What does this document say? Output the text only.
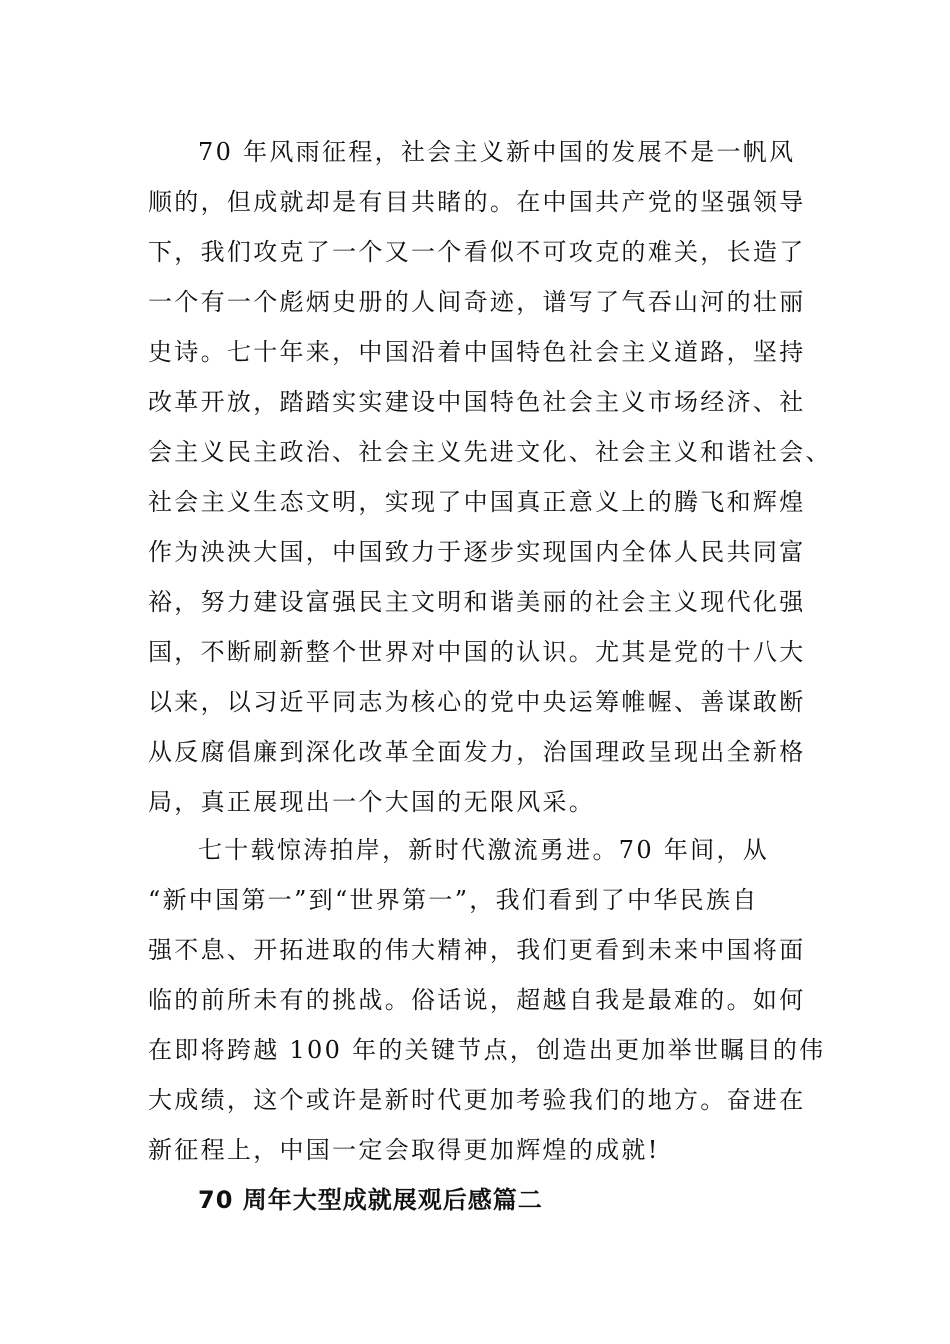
70 年风雨征程，社会主义新中国的发展不是一帆风
顺的，但成就却是有目共睹的。在中国共产党的坚强领导
下，我们攻克了一个又一个看似不可攻克的难关，长造了
一个有一个彪炳史册的人间奇迹，谱写了气吞山河的壮丽
史诗。七十年来，中国沿着中国特色社会主义道路，坚持
改革开放，踏踏实实建设中国特色社会主义市场经济、社
会主义民主政治、社会主义先进文化、社会主义和谐社会、
社会主义生态文明，实现了中国真正意义上的腾飞和辉煌
作为泱泱大国，中国致力于逐步实现国内全体人民共同富
裕，努力建设富强民主文明和谐美丽的社会主义现代化强
国，不断刷新整个世界对中国的认识。尤其是党的十八大
以来，以习近平同志为核心的党中央运筹帷幄、善谋敢断
从反腐倡廉到深化改革全面发力，治国理政呈现出全新格
局，真正展现出一个大国的无限风采。
七十载惊涛拍岸，新时代激流勇进。70 年间，从
“新中国第一”到“世界第一”，我们看到了中华民族自
强不息、开拓进取的伟大精神，我们更看到未来中国将面
临的前所未有的挑战。俗话说，超越自我是最难的。如何
在即将跨越 100 年的关键节点，创造出更加举世瞩目的伟
大成绩，这个或许是新时代更加考验我们的地方。奋进在
新征程上，中国一定会取得更加辉煌的成就!
70 周年大型成就展观后感篇二
